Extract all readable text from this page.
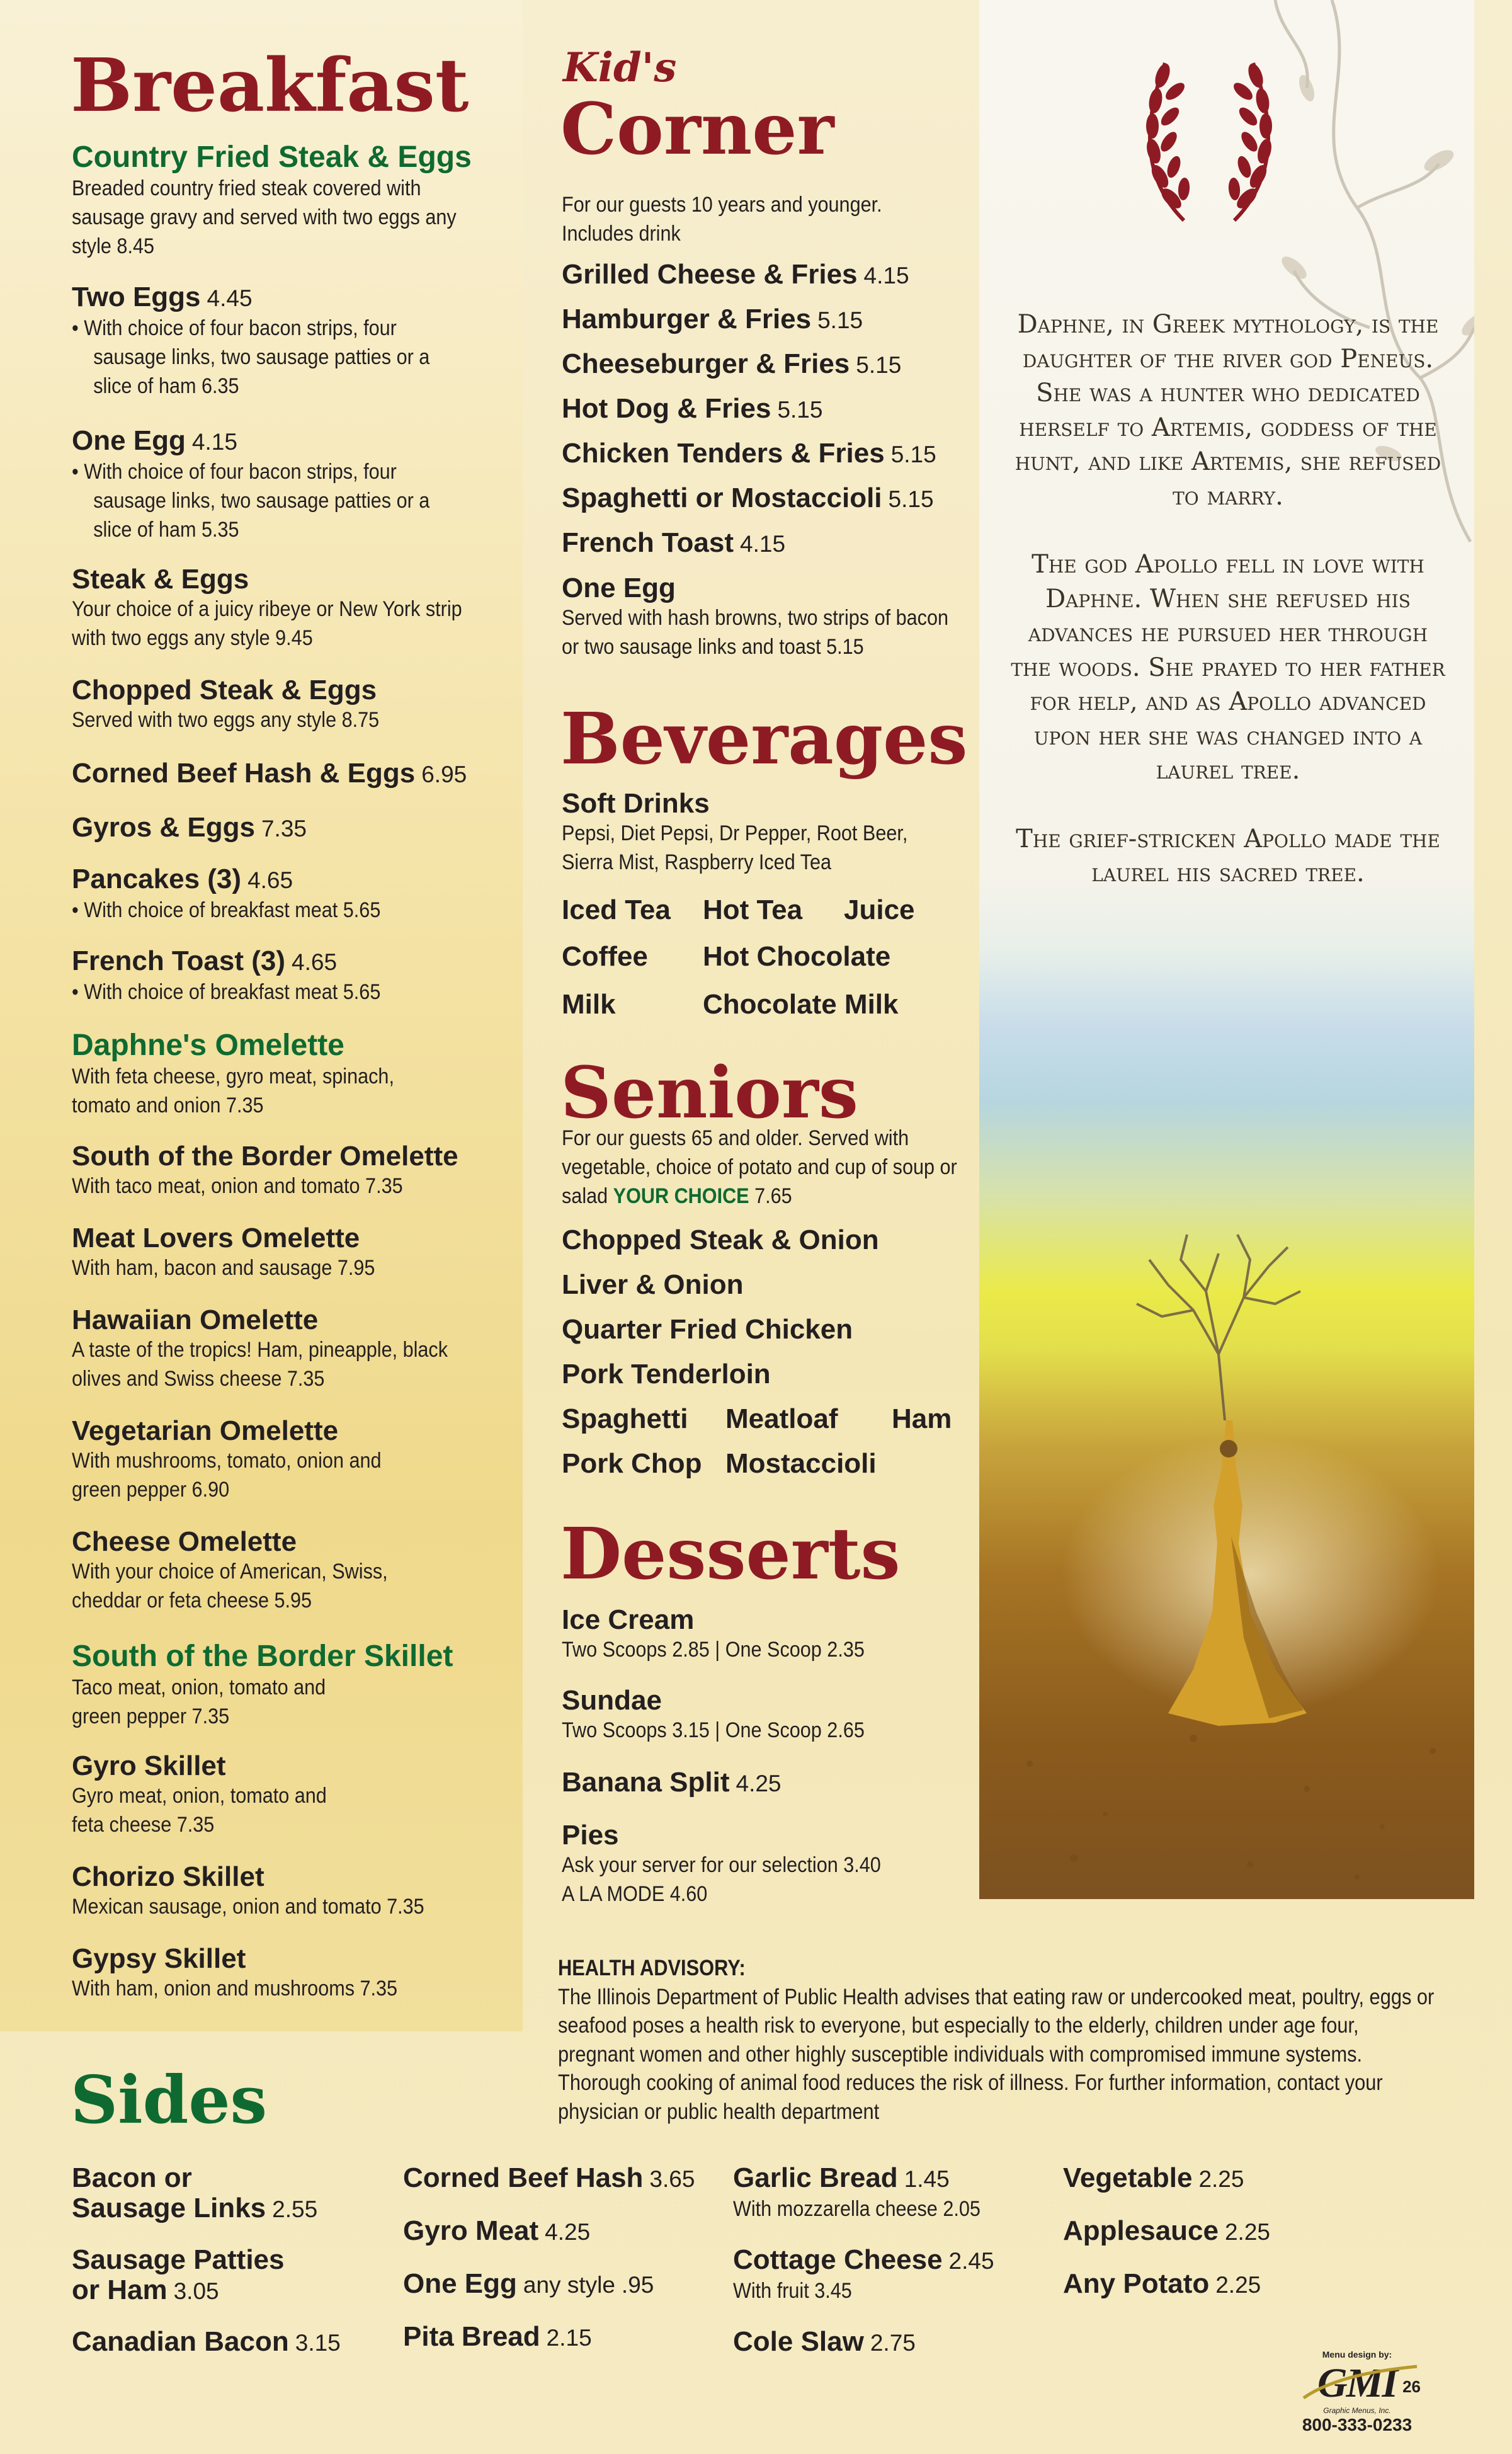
Daphne, in Greek mythology, is the daughter of the river god Peneus. She was a hunter who dedicated herself to Artemis, goddess of the hunt, and like Artemis, she refused to marry.

The god Apollo fell in love with Daphne. When she refused his advances he pursued her through the woods. She prayed to her father for help, and as Apollo advanced upon her she was changed into a laurel tree.

The grief-stricken Apollo made the laurel his sacred tree.

Breakfast
Country Fried Steak & Eggs
Breaded country fried steak covered with sausage gravy and served with two eggs any style 8.45
Two Eggs 4.45
• With choice of four bacon strips, four sausage links, two sausage patties or a slice of ham 6.35
One Egg 4.15
• With choice of four bacon strips, four sausage links, two sausage patties or a slice of ham 5.35
Steak & Eggs
Your choice of a juicy ribeye or New York strip with two eggs any style 9.45
Chopped Steak & Eggs
Served with two eggs any style 8.75
Corned Beef Hash & Eggs 6.95
Gyros & Eggs 7.35
Pancakes (3) 4.65
• With choice of breakfast meat 5.65
French Toast (3) 4.65
• With choice of breakfast meat 5.65
Daphne's Omelette
With feta cheese, gyro meat, spinach, tomato and onion 7.35
South of the Border Omelette
With taco meat, onion and tomato 7.35
Meat Lovers Omelette
With ham, bacon and sausage 7.95
Hawaiian Omelette
A taste of the tropics! Ham, pineapple, black olives and Swiss cheese 7.35
Vegetarian Omelette
With mushrooms, tomato, onion and green pepper 6.90
Cheese Omelette
With your choice of American, Swiss, cheddar or feta cheese 5.95
South of the Border Skillet
Taco meat, onion, tomato and green pepper 7.35
Gyro Skillet
Gyro meat, onion, tomato and feta cheese 7.35
Chorizo Skillet
Mexican sausage, onion and tomato 7.35
Gypsy Skillet
With ham, onion and mushrooms 7.35
Kid's
Corner
For our guests 10 years and younger. Includes drink
Grilled Cheese & Fries 4.15
Hamburger & Fries 5.15
Cheeseburger & Fries 5.15
Hot Dog & Fries 5.15
Chicken Tenders & Fries 5.15
Spaghetti or Mostaccioli 5.15
French Toast 4.15
One Egg
Served with hash browns, two strips of bacon or two sausage links and toast 5.15
Beverages
Soft Drinks
Pepsi, Diet Pepsi, Dr Pepper, Root Beer, Sierra Mist, Raspberry Iced Tea
Iced Tea Hot Tea Juice
Coffee Hot Chocolate
Milk	Chocolate Milk
Seniors
For our guests 65 and older. Served with vegetable, choice of potato and cup of soup or salad YOUR CHOICE 7.65
Chopped Steak & Onion
Liver & Onion
Quarter Fried Chicken
Pork Tenderloin
Spaghetti Meatloaf Ham
Pork Chop Mostaccioli
Desserts
Ice Cream
Two Scoops 2.85 | One Scoop 2.35
Sundae
Two Scoops 3.15 | One Scoop 2.65
Banana Split 4.25
Pies
Ask your server for our selection 3.40
A LA MODE 4.60
HEALTH ADVISORY:
The Illinois Department of Public Health advises that eating raw or undercooked meat, poultry, eggs or seafood poses a health risk to everyone, but especially to the elderly, children under age four, pregnant women and other highly susceptible individuals with compromised immune systems. Thorough cooking of animal food reduces the risk of illness. For further information, contact your physician or public health department
Sides
Bacon or
Sausage Links 2.55
Sausage Patties
or Ham 3.05
Canadian Bacon 3.15
Corned Beef Hash 3.65
Gyro Meat 4.25
One Egg any style .95
Pita Bread 2.15
Garlic Bread 1.45
With mozzarella cheese 2.05
Cottage Cheese 2.45
With fruit 3.45
Cole Slaw 2.75
Vegetable 2.25
Applesauce 2.25
Any Potato 2.25
Menu design by:
GMI 26
Graphic Menus, Inc.
800-333-0233
